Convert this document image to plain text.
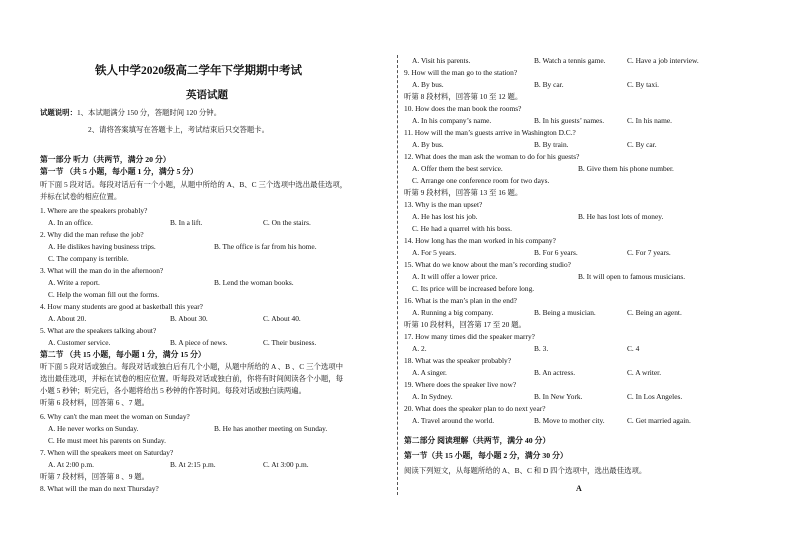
铁人中学2020级高二学年下学期期中考试
英语试题
试题说明：1、本试题满分 150 分，答题时间 120 分钟。
2、请将答案填写在答题卡上，考试结束后只交答题卡。
第一部分 听力（共两节，满分 20 分）
第一节 （共 5 小题，每小题 1 分，满分 5 分）
听下面 5 段对话。每段对话后有一个小题，从题中所给的 A、B、C 三个选项中选出最佳选项，
并标在试卷的相应位置。
1. Where are the speakers probably?
A. In an office.	B. In a lift.	C. On the stairs.
2. Why did the man refuse the job?
A. He dislikes having business trips.	B. The office is far from his home.
C. The company is terrible.
3. What will the man do in the afternoon?
A. Write a report.	B. Lend the woman books.
C. Help the woman fill out the forms.
4. How many students are good at basketball this year?
A. About 20.	B. About 30.	C. About 40.
5. What are the speakers talking about?
A. Customer service.	B. A piece of news.	C. Their business.
第二节 （共 15 小题，每小题 1 分，满分 15 分）
听下面 5 段对话或独白。每段对话或独白后有几个小题，从题中所给的 A 、B 、C 三个选项中
选出最佳选项，并标在试卷的相应位置。听每段对话或独白前，你将有时间阅读各个小题，每
小题 5 秒钟；听完后，各小题将给出 5 秒钟的作答时间。每段对话或独白读两遍。
听第 6 段材料，回答第 6 、7 题。
6. Why can't the man meet the woman on Sunday?
A. He never works on Sunday.	B. He has another meeting on Sunday.
C. He must meet his parents on Sunday.
7. When will the speakers meet on Saturday?
A. At 2:00 p.m.	B. At 2:15 p.m.	C. At 3:00 p.m.
听第 7 段材料，回答第 8 、9 题。
8. What will the man do next Thursday?
A. Visit his parents.	B. Watch a tennis game.	C. Have a job interview.
9. How will the man go to the station?
A. By bus.	B. By car.	C. By taxi.
听第 8 段材料，回答第 10 至 12 题。
10. How does the man book the rooms?
A. In his company’s name.	B. In his guests’ names.	C. In his name.
11. How will the man’s guests arrive in Washington D.C.?
A. By bus.	B. By train.	C. By car.
12. What does the man ask the woman to do for his guests?
A. Offer them the best service.	B. Give them his phone number.
C. Arrange one conference room for two days.
听第 9 段材料，回答第 13 至 16 题。
13. Why is the man upset?
A. He has lost his job.	B. He has lost lots of money.
C. He had a quarrel with his boss.
14. How long has the man worked in his company?
A. For 5 years.	B. For 6 years.	C. For 7 years.
15. What do we know about the man’s recording studio?
A. It will offer a lower price.	B. It will open to famous musicians.
C. Its price will be increased before long.
16. What is the man’s plan in the end?
A. Running a big company.	B. Being a musician.	C. Being an agent.
听第 10 段材料，回答第 17 至 20 题。
17. How many times did the speaker marry?
A. 2.	B. 3.	C. 4
18. What was the speaker probably?
A. A singer.	B. An actress.	C. A writer.
19. Where does the speaker live now?
A. In Sydney.	B. In New York.	C. In Los Angeles.
20. What does the speaker plan to do next year?
A. Travel around the world.	B. Move to mother city.	C. Get married again.
第二部分 阅读理解（共两节，满分 40 分）
第一节（共 15 小题，每小题 2 分，满分 30 分）
阅读下列短文，从每题所给的 A、B、C 和 D 四个选项中，选出最佳选项。
A
